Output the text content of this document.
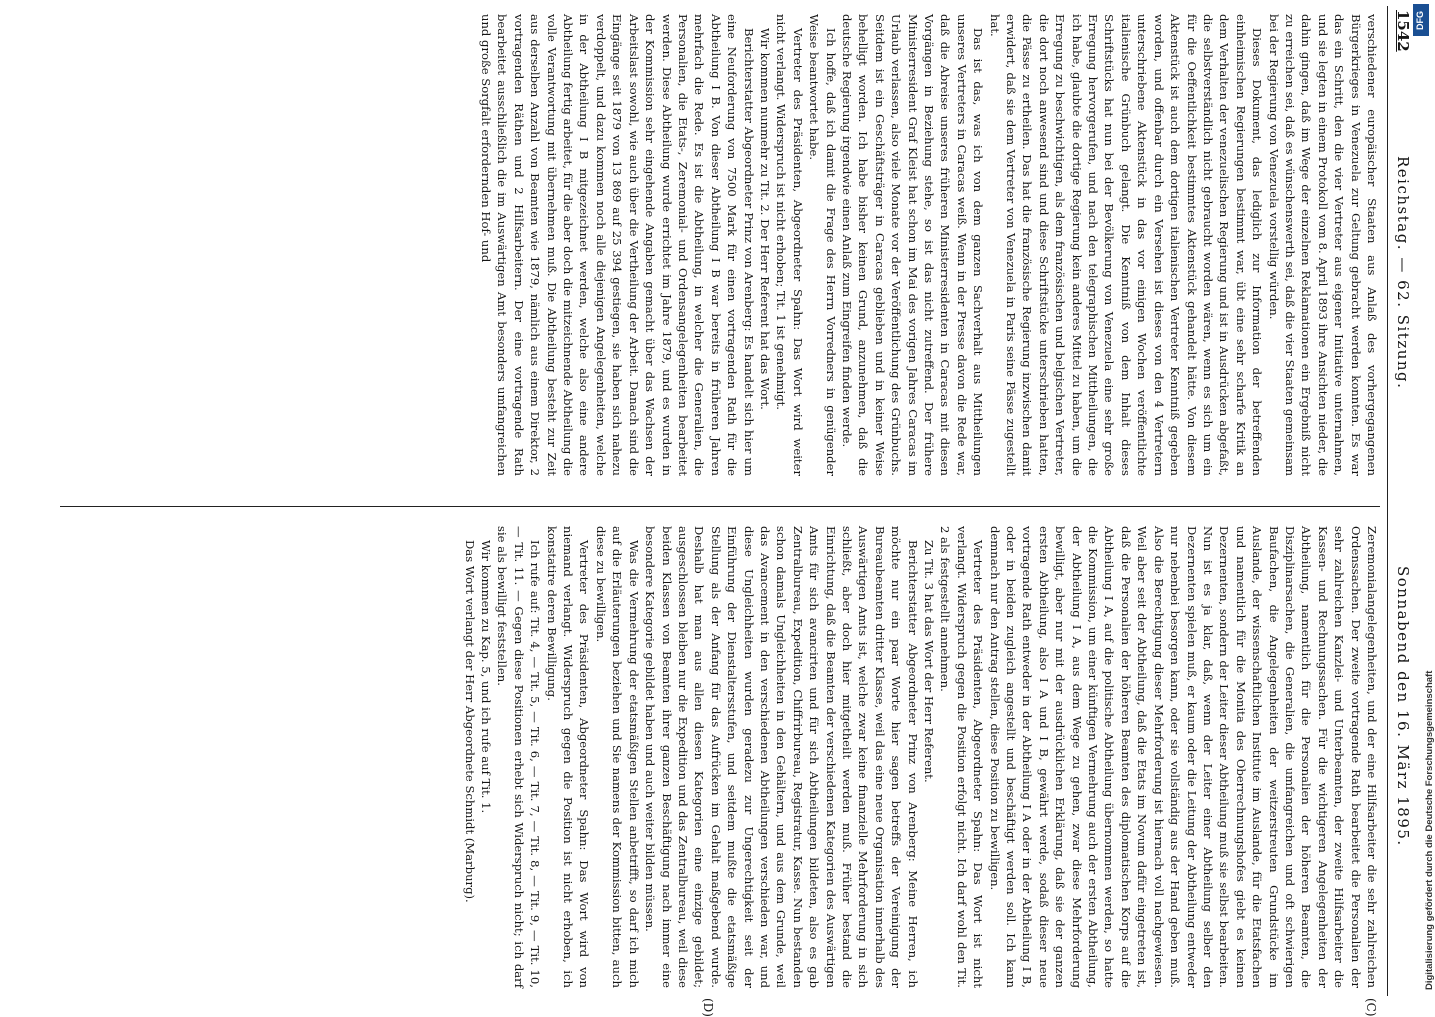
1542
Reichstag. — 62. Sitzung.
Sonnabend den 16. März 1895.
(C)
(D)

verschiedener europäischer Staaten aus Anlaß des vorhergegangenen Bürgerkrieges in Venezuela zur Geltung gebracht werden konnten. Es war das ein Schritt, den die vier Vertreter aus eigener Initiative unternahmen, und sie legten in einem Protokoll vom 8. April 1893 ihre Ansichten nieder, die dahin gingen, daß im Wege der einzelnen Reklamationen ein Ergebniß nicht zu erreichen sei, daß es wünschenswerth sei, daß die vier Staaten gemeinsam bei der Regierung von Venezuela vorstellig würden.

Dieses Dokument, das lediglich zur Information der betreffenden einheimischen Regierungen bestimmt war, übt eine sehr scharfe Kritik an dem Verhalten der venezuelischen Regierung und ist in Ausdrücken abgefaßt, die selbstverständlich nicht gebraucht worden wären, wenn es sich um ein für die Oeffentlichkeit bestimmtes Aktenstück gehandelt hätte. Von diesem Aktenstück ist auch dem dortigen italienischen Vertreter Kenntniß gegeben worden, und offenbar durch ein Versehen ist dieses von den 4 Vertretern unterschriebene Aktenstück in das vor einigen Wochen veröffentlichte italienische Grünbuch gelangt. Die Kenntniß von dem Inhalt dieses Schriftstücks hat nun bei der Bevölkerung von Venezuela eine sehr große Erregung hervorgerufen, und nach den telegraphischen Mittheilungen, die ich habe, glaubte die dortige Regierung kein anderes Mittel zu haben, um die Erregung zu beschwichtigen, als dem französischen und belgischen Vertreter, die dort noch anwesend sind und diese Schriftstücke unterschrieben hatten, die Pässe zu ertheilen. Das hat die französische Regierung inzwischen damit erwidert, daß sie dem Vertreter von Venezuela in Paris seine Pässe zugestellt hat.

Das ist das, was ich von dem ganzen Sachverhalt aus Mittheilungen unseres Vertreters in Caracas weiß. Wenn in der Presse davon die Rede war, daß die Abreise unseres früheren Ministerresidenten in Caracas mit diesen Vorgängen in Beziehung stehe, so ist das nicht zutreffend. Der frühere Ministerresident Graf Kleist hat schon im Mai des vorigen Jahres Caracas im Urlaub verlassen, also viele Monate vor der Veröffentlichung des Grünbuchs. Seitdem ist ein Geschäftsträger in Caracas geblieben und in keiner Weise behelligt worden. Ich habe bisher keinen Grund, anzunehmen, daß die deutsche Regierung irgendwie einen Anlaß zum Eingreifen finden werde.

Ich hoffe, daß ich damit die Frage des Herrn Vorredners in genügender Weise beantwortet habe.

Vertreter des Präsidenten, Abgeordneter Spahn: Das Wort wird weiter nicht verlangt. Widerspruch ist nicht erhoben; Tit. 1 ist genehmigt.

Wir kommen nunmehr zu Tit. 2. Der Herr Referent hat das Wort.

Berichterstatter Abgeordneter Prinz von Arenberg: Es handelt sich hier um eine Neuforderung von 7500 Mark für einen vortragenden Rath für die Abtheilung I B. Von dieser Abtheilung I B war bereits in früheren Jahren mehrfach die Rede. Es ist die Abtheilung, in welcher die Generalien, die Personalien, die Etats-, Zeremonial- und Ordensangelegenheiten bearbeitet werden. Diese Abtheilung wurde errichtet im Jahre 1879, und es wurden in der Kommission sehr eingehende Angaben gemacht über das Wachsen der Arbeitslast sowohl, wie auch über die Vertheilung der Arbeit. Danach sind die Eingänge seit 1879 von 13 869 auf 25 394 gestiegen, sie haben sich nahezu verdoppelt, und dazu kommen noch alle diejenigen Angelegenheiten, welche in der Abtheilung I B mitgezeichnet werden, welche also eine andere Abtheilung fertig arbeitet, für die aber doch die mitzeichnende Abtheilung die volle Verantwortung mit übernehmen muß. Die Abtheilung besteht zur Zeit aus derselben Anzahl von Beamten wie 1879, nämlich aus einem Direktor, 2 vortragenden Räthen und 2 Hilfsarbeitern. Der eine vortragende Rath bearbeitet ausschließlich die im Auswärtigen Amt besonders umfangreichen und große Sorgfalt erfordernden Hof- und

Zeremonialangelegenheiten, und der eine Hilfsarbeiter die sehr zahlreichen Ordenssachen. Der zweite vortragende Rath bearbeitet die Personalien der sehr zahlreichen Kanzlei- und Unterbeamten, der zweite Hilfsarbeiter die Kassen- und Rechnungssachen. Für die wichtigeren Angelegenheiten der Abtheilung, namentlich für die Personalien der höheren Beamten, die Disziplinarsachen, die Generalien, die umfangreichen und oft schwierigen Baufachen, die Angelegenheiten der weitzerstreuten Grundstücke im Auslande, der wissenschaftlichen Institute im Auslande, für die Etatsfachen und namentlich für die Monita des Oberrechnungshofes giebt es keinen Dezernenten, sondern der Leiter dieser Abtheilung muß sie selbst bearbeiten. Nun ist es ja klar, daß, wenn der Leiter einer Abtheilung selber den Dezernenten spielen muß, er kaum oder die Leitung der Abtheilung entweder nur nebenbei besorgen kann, oder sie vollständig aus der Hand geben muß. Also die Berechtigung dieser Mehrforderung ist hiernach voll nachgewiesen. Weil aber seit der Abtheilung, daß die Etats im Novum dafür eingetreten ist, daß die Personalien der höheren Beamten des diplomatischen Korps auf die Abtheilung I A, auf die politische Abtheilung übernommen werden, so hatte die Kommission, um einer künftigen Vermehrung auch der ersten Abtheilung, der Abtheilung I A, aus dem Wege zu gehen, zwar diese Mehrforderung bewilligt, aber nur mit der ausdrücklichen Erklärung, daß sie der ganzen ersten Abtheilung, also I A und I B, gewährt werde, sodaß dieser neue vortragende Rath entweder in der Abtheilung I A oder in der Abtheilung I B, oder in beiden zugleich angestellt und beschäftigt werden soll. Ich kann demnach nur den Antrag stellen, diese Position zu bewilligen.

Vertreter des Präsidenten, Abgeordneter Spahn: Das Wort ist nicht verlangt. Widerspruch gegen die Position erfolgt nicht. Ich darf wohl den Tit. 2 als festgestellt annehmen.

Zu Tit. 3 hat das Wort der Herr Referent.

Berichterstatter Abgeordneter Prinz von Arenberg: Meine Herren, ich möchte nur ein paar Worte hier sagen betreffs der Vereinigung der Bureaubeamten dritter Klasse, weil das eine neue Organisation innerhalb des Auswärtigen Amts ist, welche zwar keine finanzielle Mehrforderung in sich schließt, aber doch hier mitgetheilt werden muß. Früher bestand die Einrichtung, daß die Beamten der verschiedenen Kategorien des Auswärtigen Amts für sich avancirten und für sich Abtheilungen bildeten, also es gab Zentralbureau, Expedition, Chiffrirbureau, Registratur, Kasse. Nun bestanden schon damals Ungleichheiten in den Gehältern, und aus dem Grunde, weil das Avancement in den verschiedenen Abtheilungen verschieden war, und diese Ungleichheiten wurden geradezu zur Ungerechtigkeit seit der Einführung der Dienstaltersstufen, und seitdem mußte die etatsmäßige Stellung als der Anfang für das Aufrücken im Gehalt maßgebend wurde. Deshalb hat man aus allen diesen Kategorien eine einzige gebildet; ausgeschlossen bleiben nur die Expedition und das Zentralbureau, weil diese beiden Klassen von Beamten ihrer ganzen Beschäftigung nach immer eine besondere Kategorie gebildet haben und auch weiter bilden müssen.

Was die Vermehrung der etatsmäßigen Stellen anbetrifft, so darf ich mich auf die Erläuterungen beziehen und Sie namens der Kommission bitten, auch diese zu bewilligen.

Vertreter des Präsidenten, Abgeordneter Spahn: Das Wort wird von niemand verlangt. Widerspruch gegen die Position ist nicht erhoben, ich konstatire deren Bewilligung.

Ich rufe auf: Tit. 4, — Tit. 5, — Tit. 6, — Tit. 7, — Tit. 8, — Tit. 9, — Tit. 10, — Tit. 11. — Gegen diese Positionen erhebt sich Widerspruch nicht; ich darf sie als bewilligt feststellen.

Wir kommen zu Kap. 5, und ich rufe auf Tit. 1.

Das Wort verlangt der Herr Abgeordnete Schmidt (Marburg).

DFG
Digitalisierung gefördert durch die Deutsche Forschungsgemeinschaft
